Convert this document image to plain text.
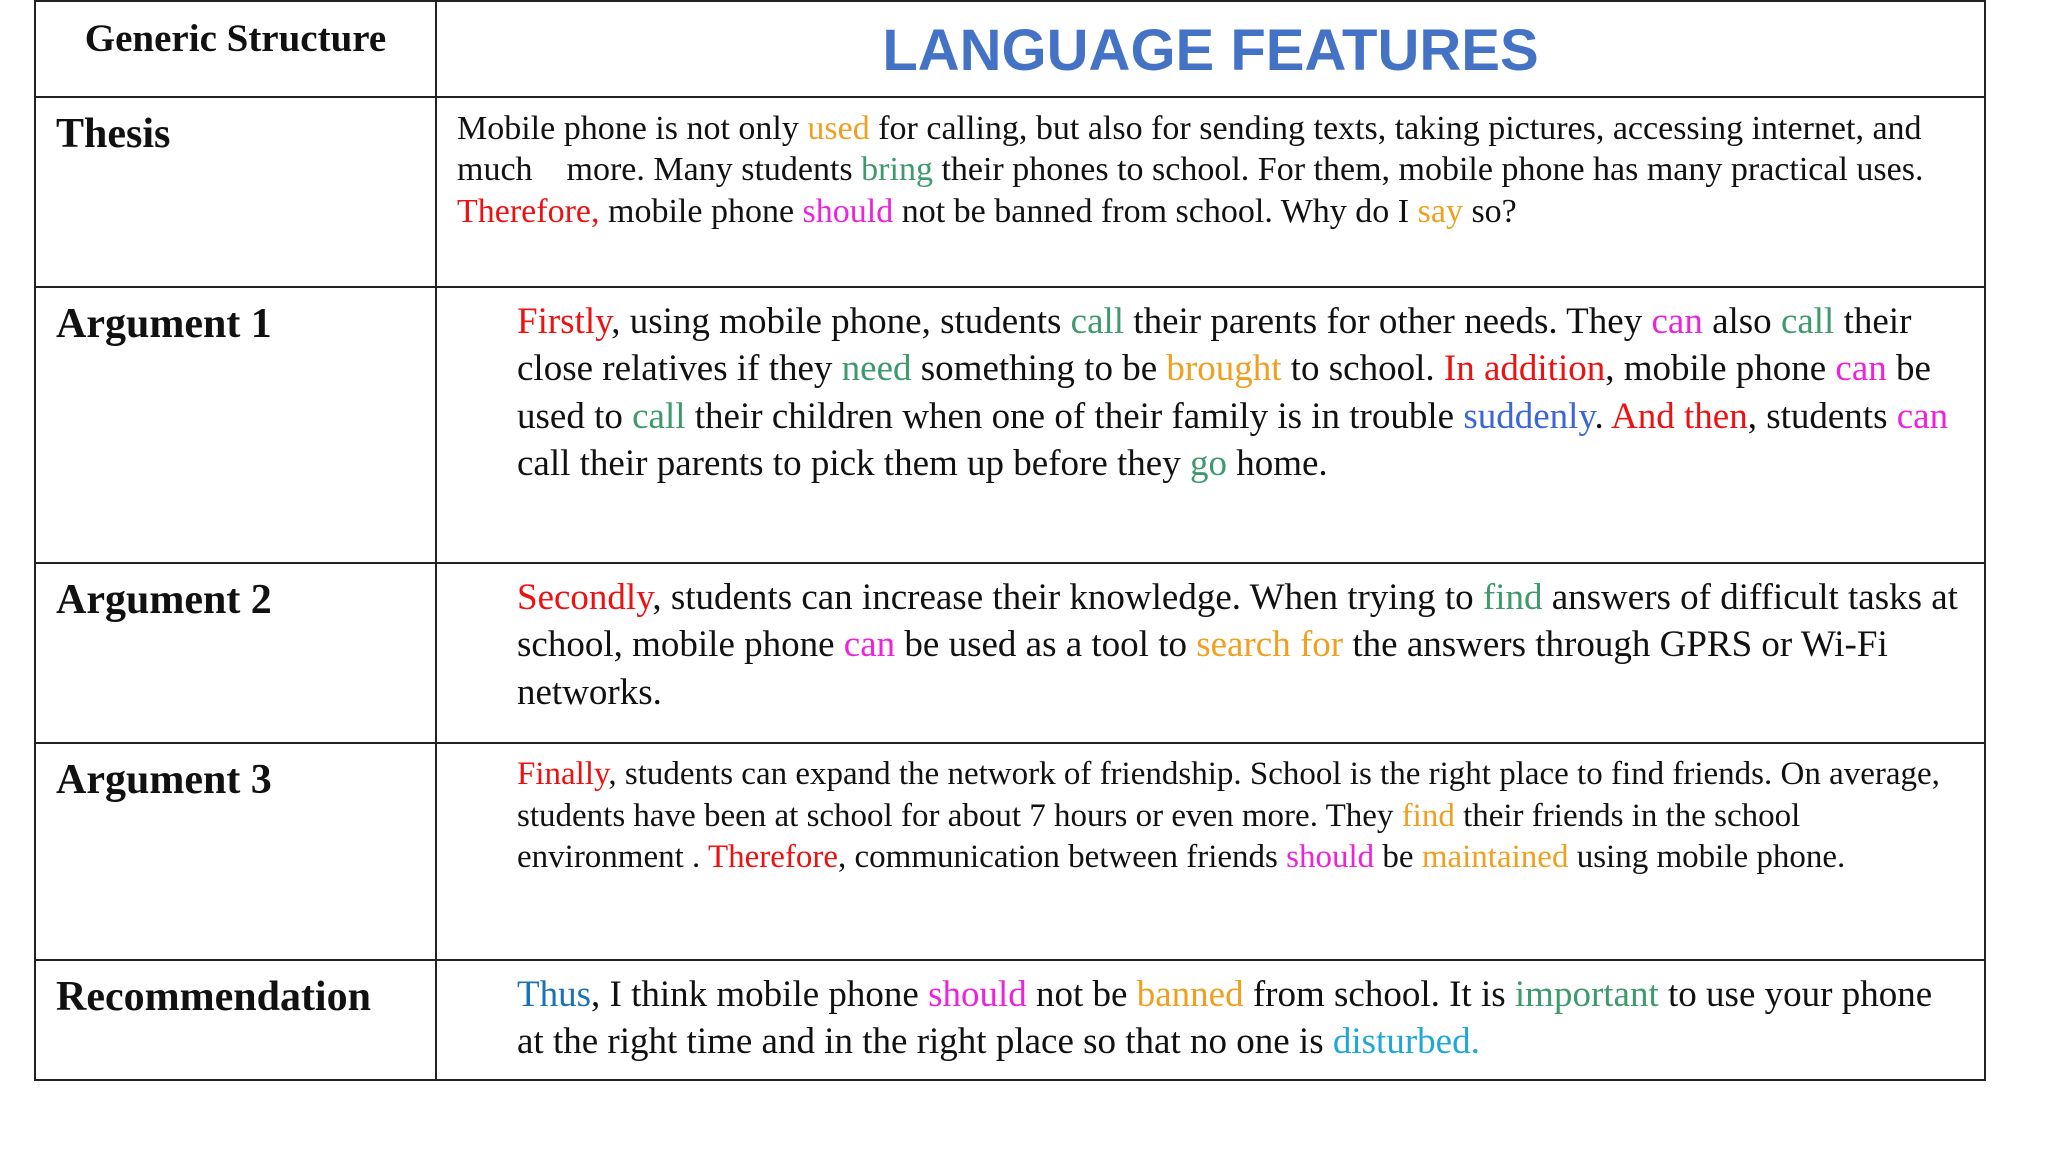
Generic Structure	LANGUAGE FEATURES
Thesis	Mobile phone is not only used for calling, but also for sending texts, taking pictures, accessing internet, and much    more. Many students bring their phones to school. For them, mobile phone has many practical uses. Therefore, mobile phone should not be banned from school. Why do I say so?

Argument 1	Firstly, using mobile phone, students call their parents for other needs. They can also call their close relatives if they need something to be brought to school. In addition, mobile phone can be used to call their children when one of their family is in trouble suddenly. And then, students can call their parents to pick them up before they go home.

Argument 2	Secondly, students can increase their knowledge. When trying to find answers of difficult tasks at school, mobile phone can be used as a tool to search for the answers through GPRS or Wi-Fi networks.

Argument 3	Finally, students can expand the network of friendship. School is the right place to find friends. On average, students have been at school for about 7 hours or even more. They find their friends in the school environment . Therefore, communication between friends should be maintained using mobile phone.

Recommendation	Thus, I think mobile phone should not be banned from school. It is important to use your phone at the right time and in the right place so that no one is disturbed.
